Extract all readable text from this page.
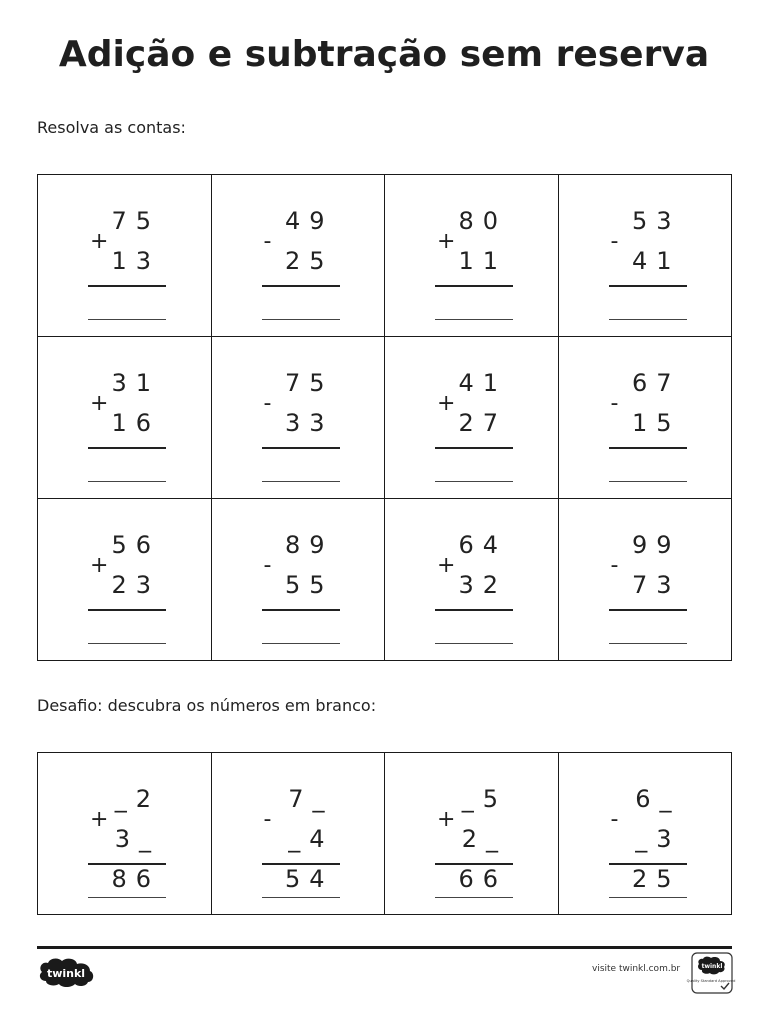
Adição e subtração sem reserva
Resolva as contas:
+
75
13
-
49
25
+
80
11
-
53
41
+
31
16
-
75
33
+
41
27
-
67
15
+
56
23
-
89
55
+
64
32
-
99
73
Desafio: descubra os números em branco:
+
_2
3_
86
-
7_
_4
54
+
_5
2_
66
-
6_
_3
25
twinkl	visite twinkl.com.br	twinkl
Quality Standard Approved
